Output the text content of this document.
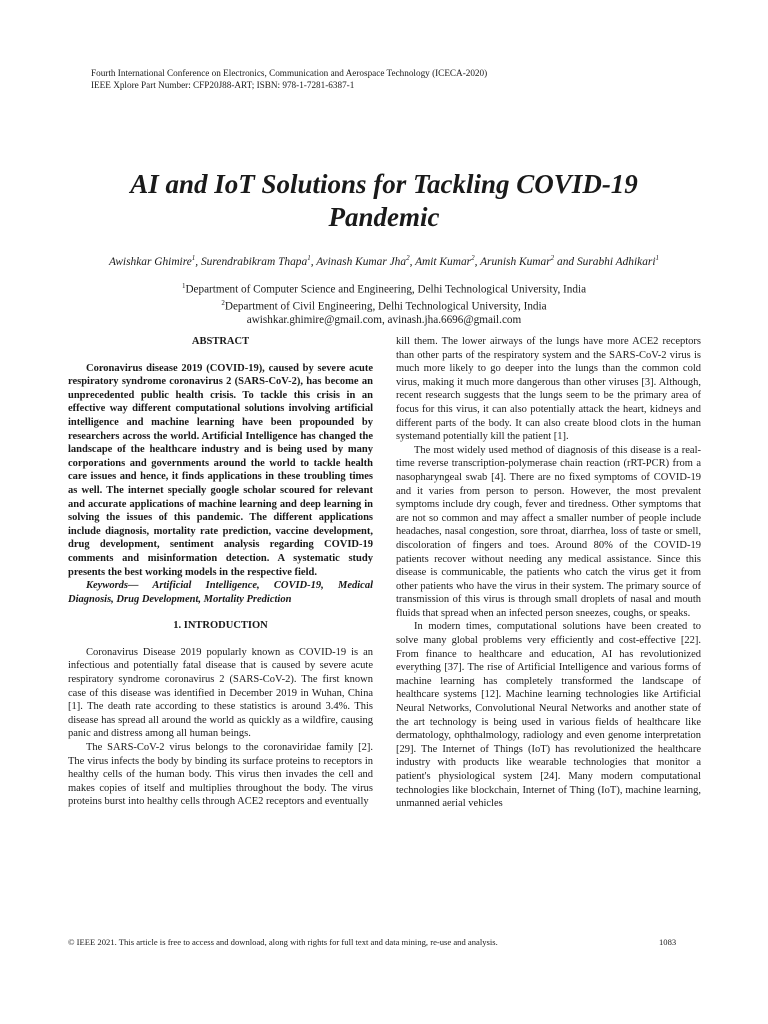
Fourth International Conference on Electronics, Communication and Aerospace Technology (ICECA-2020)
IEEE Xplore Part Number: CFP20J88-ART; ISBN: 978-1-7281-6387-1
AI and IoT Solutions for Tackling COVID-19
Pandemic
Awishkar Ghimire$^1$, Surendrabikram Thapa$^1$, Avinash Kumar Jha$^2$, Amit Kumar$^2$, Arunish Kumar$^2$ and Surabhi Adhikari$^1$
$^1$Department of Computer Science and Engineering, Delhi Technological University, India
$^2$Department of Civil Engineering, Delhi Technological University, India
awishkar.ghimire@gmail.com, avinash.jha.6696@gmail.com
ABSTRACT

Coronavirus disease 2019 (COVID-19), caused by severe acute respiratory syndrome coronavirus 2 (SARS-CoV-2), has become an unprecedented public health crisis. To tackle this crisis in an effective way different computational solutions involving artificial intelligence and machine learning have been propounded by researchers across the world. Artificial Intelligence has changed the landscape of the healthcare industry and is being used by many corporations and governments around the world to tackle health care issues and hence, it finds applications in these troubling times as well. The internet specially google scholar scoured for relevant and accurate applications of machine learning and deep learning in solving the issues of this pandemic. The different applications include diagnosis, mortality rate prediction, vaccine development, drug development, sentiment analysis regarding COVID-19 comments and misinformation detection. A systematic study presents the best working models in the respective field.

Keywords— Artificial Intelligence, COVID-19, Medical Diagnosis, Drug Development, Mortality Prediction

1. INTRODUCTION

Coronavirus Disease 2019 popularly known as COVID-19 is an infectious and potentially fatal disease that is caused by severe acute respiratory syndrome coronavirus 2 (SARS-CoV-2). The first known case of this disease was identified in December 2019 in Wuhan, China [1]. The death rate according to these statistics is around 3.4%. This disease has spread all around the world as quickly as a wildfire, causing panic and distress among all human beings.

The SARS-CoV-2 virus belongs to the coronaviridae family [2]. The virus infects the body by binding its surface proteins to receptors in healthy cells of the human body. This virus then invades the cell and makes copies of itself and multiplies throughout the body. The virus proteins burst into healthy cells through ACE2 receptors and eventually

kill them. The lower airways of the lungs have more ACE2 receptors than other parts of the respiratory system and the SARS-CoV-2 virus is much more likely to go deeper into the lungs than the common cold virus, making it much more dangerous than other viruses [3]. Although, recent research suggests that the lungs seem to be the primary area of focus for this virus, it can also potentially attack the heart, kidneys and different parts of the body. It can also create blood clots in the human systemand potentially kill the patient [1].

The most widely used method of diagnosis of this disease is a real-time reverse transcription-polymerase chain reaction (rRT-PCR) from a nasopharyngeal swab [4]. There are no fixed symptoms of COVID-19 and it varies from person to person. However, the most prevalent symptoms include dry cough, fever and tiredness. Other symptoms that are not so common and may affect a smaller number of people include headaches, nasal congestion, sore throat, diarrhea, loss of taste or smell, discoloration of fingers and toes. Around 80% of the COVID-19 patients recover without needing any medical assistance. Since this disease is communicable, the patients who catch the virus get it from other patients who have the virus in their system. The primary source of transmission of this virus is through small droplets of nasal and mouth fluids that spread when an infected person sneezes, coughs, or speaks.

In modern times, computational solutions have been created to solve many global problems very efficiently and cost-effective [22]. From finance to healthcare and education, AI has revolutionized everything [37]. The rise of Artificial Intelligence and various forms of machine learning has completely transformed the landscape of healthcare systems [12]. Machine learning technologies like Artificial Neural Networks, Convolutional Neural Networks and another state of the art technology is being used in various fields of healthcare like dermatology, ophthalmology, radiology and even genome interpretation [29]. The Internet of Things (IoT) has revolutionized the healthcare industry with products like wearable technologies that monitor a patient's physiological system [24]. Many modern computational technologies like blockchain, Internet of Thing (IoT), machine learning, unmanned aerial vehicles

© IEEE 2021. This article is free to access and download, along with rights for full text and data mining, re-use and analysis.	1083
